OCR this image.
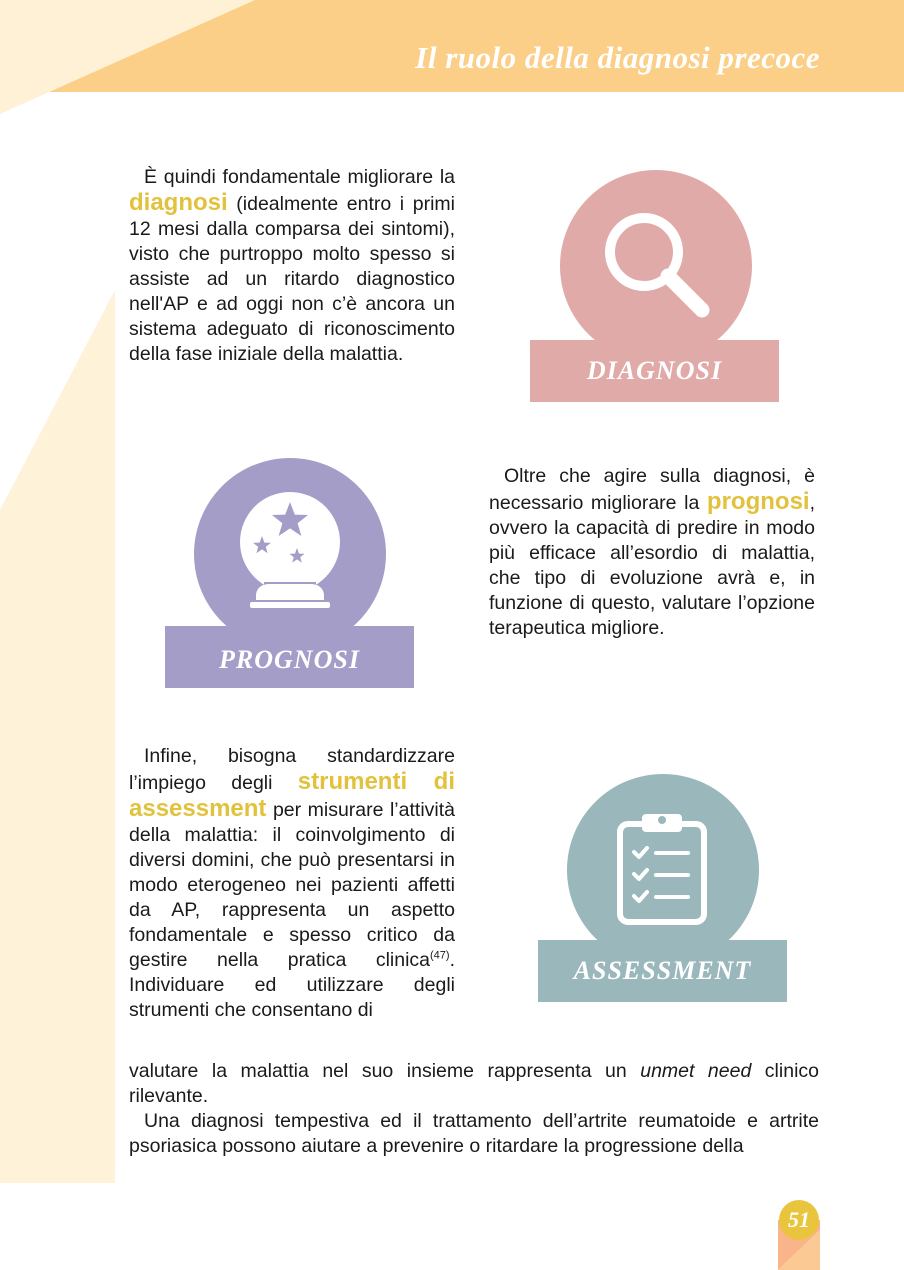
Il ruolo della diagnosi precoce

È quindi fondamentale migliorare la diagnosi (idealmente entro i primi 12 mesi dalla comparsa dei sintomi), visto che purtroppo molto spesso si assiste ad un ritardo diagnostico nell'AP e ad oggi non c’è ancora un sistema adeguato di riconoscimento della fase iniziale della malattia.

DIAGNOSI
PROGNOSI

Oltre che agire sulla diagnosi, è necessario migliorare la prognosi, ovvero la capacità di predire in modo più efficace all’esordio di malattia, che tipo di evoluzione avrà e, in funzione di questo, valutare l’opzione terapeutica migliore.

Infine, bisogna standardizzare l’impiego degli strumenti di assessment per misurare l’attività della malattia: il coinvolgimento di diversi domini, che può presentarsi in modo eterogeneo nei pazienti affetti da AP, rappresenta un aspetto fondamentale e spesso critico da gestire nella pratica clinica$^{(47)}$. Individuare ed utilizzare degli strumenti che consentano di

ASSESSMENT

valutare la malattia nel suo insieme rappresenta un unmet need clinico rilevante.

Una diagnosi tempestiva ed il trattamento dell’artrite reumatoide e artrite psoriasica possono aiutare a prevenire o ritardare la progressione della

51
